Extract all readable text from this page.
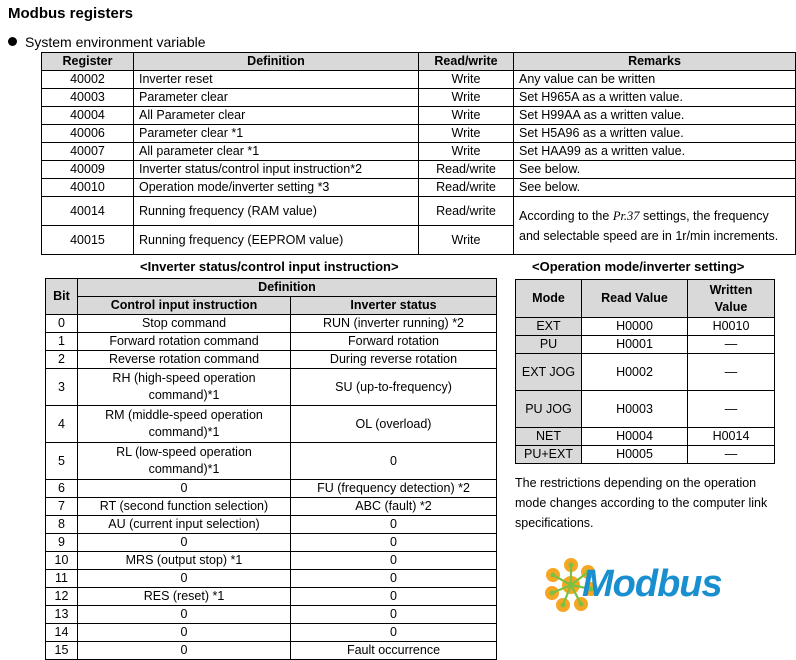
Modbus registers
System environment variable
Register	Definition	Read/write	Remarks
40002	Inverter reset	Write	Any value can be written
40003	Parameter clear	Write	Set H965A as a written value.
40004	All Parameter clear	Write	Set H99AA as a written value.
40006	Parameter clear *1	Write	Set H5A96 as a written value.
40007	All parameter clear *1	Write	Set HAA99 as a written value.
40009	Inverter status/control input instruction*2	Read/write	See below.
40010	Operation mode/inverter setting *3	Read/write	See below.
40014	Running frequency (RAM value)	Read/write	According to the Pr.37 settings, the frequency and selectable speed are in 1r/min increments.
40015	Running frequency (EEPROM value)	Write	
<Inverter status/control input instruction>
Bit	Definition	
	Control input instruction	Inverter status
0	Stop command	RUN (inverter running) *2
1	Forward rotation command	Forward rotation
2	Reverse rotation command	During reverse rotation
3	RH (high-speed operation command)*1	SU (up-to-frequency)
4	RM (middle-speed operation command)*1	OL (overload)
5	RL (low-speed operation command)*1	0
6	0	FU (frequency detection) *2
7	RT (second function selection)	ABC (fault) *2
8	AU (current input selection)	0
9	0	0
10	MRS (output stop) *1	0
11	0	0
12	RES (reset) *1	0
13	0	0
14	0	0
15	0	Fault occurrence
<Operation mode/inverter setting>
Mode	Read Value	Written Value
EXT	H0000	H0010
PU	H0001	—
EXT JOG	H0002	—
PU JOG	H0003	—
NET	H0004	H0014
PU+EXT	H0005	—
The restrictions depending on the operation mode changes according to the computer link specifications.
Modbus
